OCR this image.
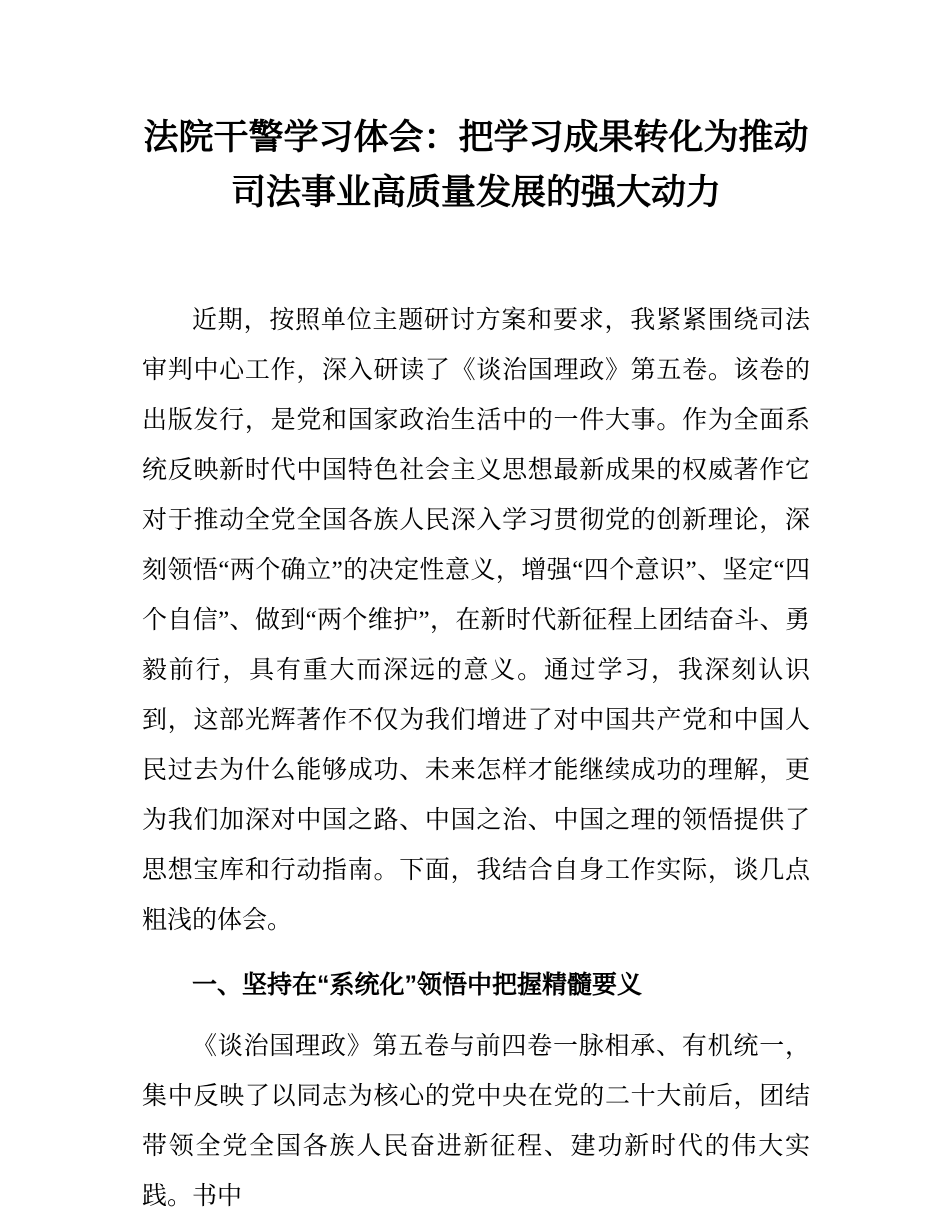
法院干警学习体会：把学习成果转化为推动
司法事业高质量发展的强大动力

近期，按照单位主题研讨方案和要求，我紧紧围绕司法审判中心工作，深入研读了《谈治国理政》第五卷。该卷的出版发行，是党和国家政治生活中的一件大事。作为全面系统反映新时代中国特色社会主义思想最新成果的权威著作它对于推动全党全国各族人民深入学习贯彻党的创新理论，深刻领悟“两个确立”的决定性意义，增强“四个意识”、坚定“四个自信”、做到“两个维护”，在新时代新征程上团结奋斗、勇毅前行，具有重大而深远的意义。通过学习，我深刻认识到，这部光辉著作不仅为我们增进了对中国共产党和中国人民过去为什么能够成功、未来怎样才能继续成功的理解，更为我们加深对中国之路、中国之治、中国之理的领悟提供了思想宝库和行动指南。下面，我结合自身工作实际，谈几点粗浅的体会。

一、坚持在“系统化”领悟中把握精髓要义

《谈治国理政》第五卷与前四卷一脉相承、有机统一，集中反映了以同志为核心的党中央在党的二十大前后，团结带领全党全国各族人民奋进新征程、建功新时代的伟大实践。书中
